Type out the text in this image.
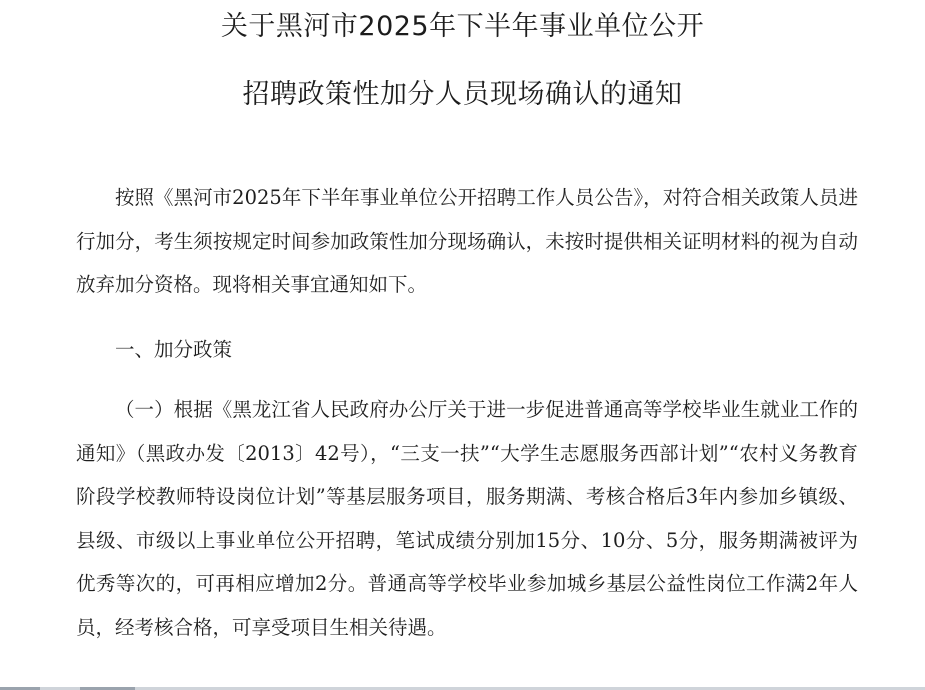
关于黑河市2025年下半年事业单位公开
招聘政策性加分人员现场确认的通知
按照《黑河市2025年下半年事业单位公开招聘工作人员公告》，对符合相关政策人员进行加分，考生须按规定时间参加政策性加分现场确认，未按时提供相关证明材料的视为自动放弃加分资格。现将相关事宜通知如下。
一、加分政策
（一）根据《黑龙江省人民政府办公厅关于进一步促进普通高等学校毕业生就业工作的通知》（黑政办发〔2013〕42号），“三支一扶”“大学生志愿服务西部计划”“农村义务教育阶段学校教师特设岗位计划”等基层服务项目，服务期满、考核合格后3年内参加乡镇级、县级、市级以上事业单位公开招聘，笔试成绩分别加15分、10分、5分，服务期满被评为优秀等次的，可再相应增加2分。普通高等学校毕业参加城乡基层公益性岗位工作满2年人员，经考核合格，可享受项目生相关待遇。
